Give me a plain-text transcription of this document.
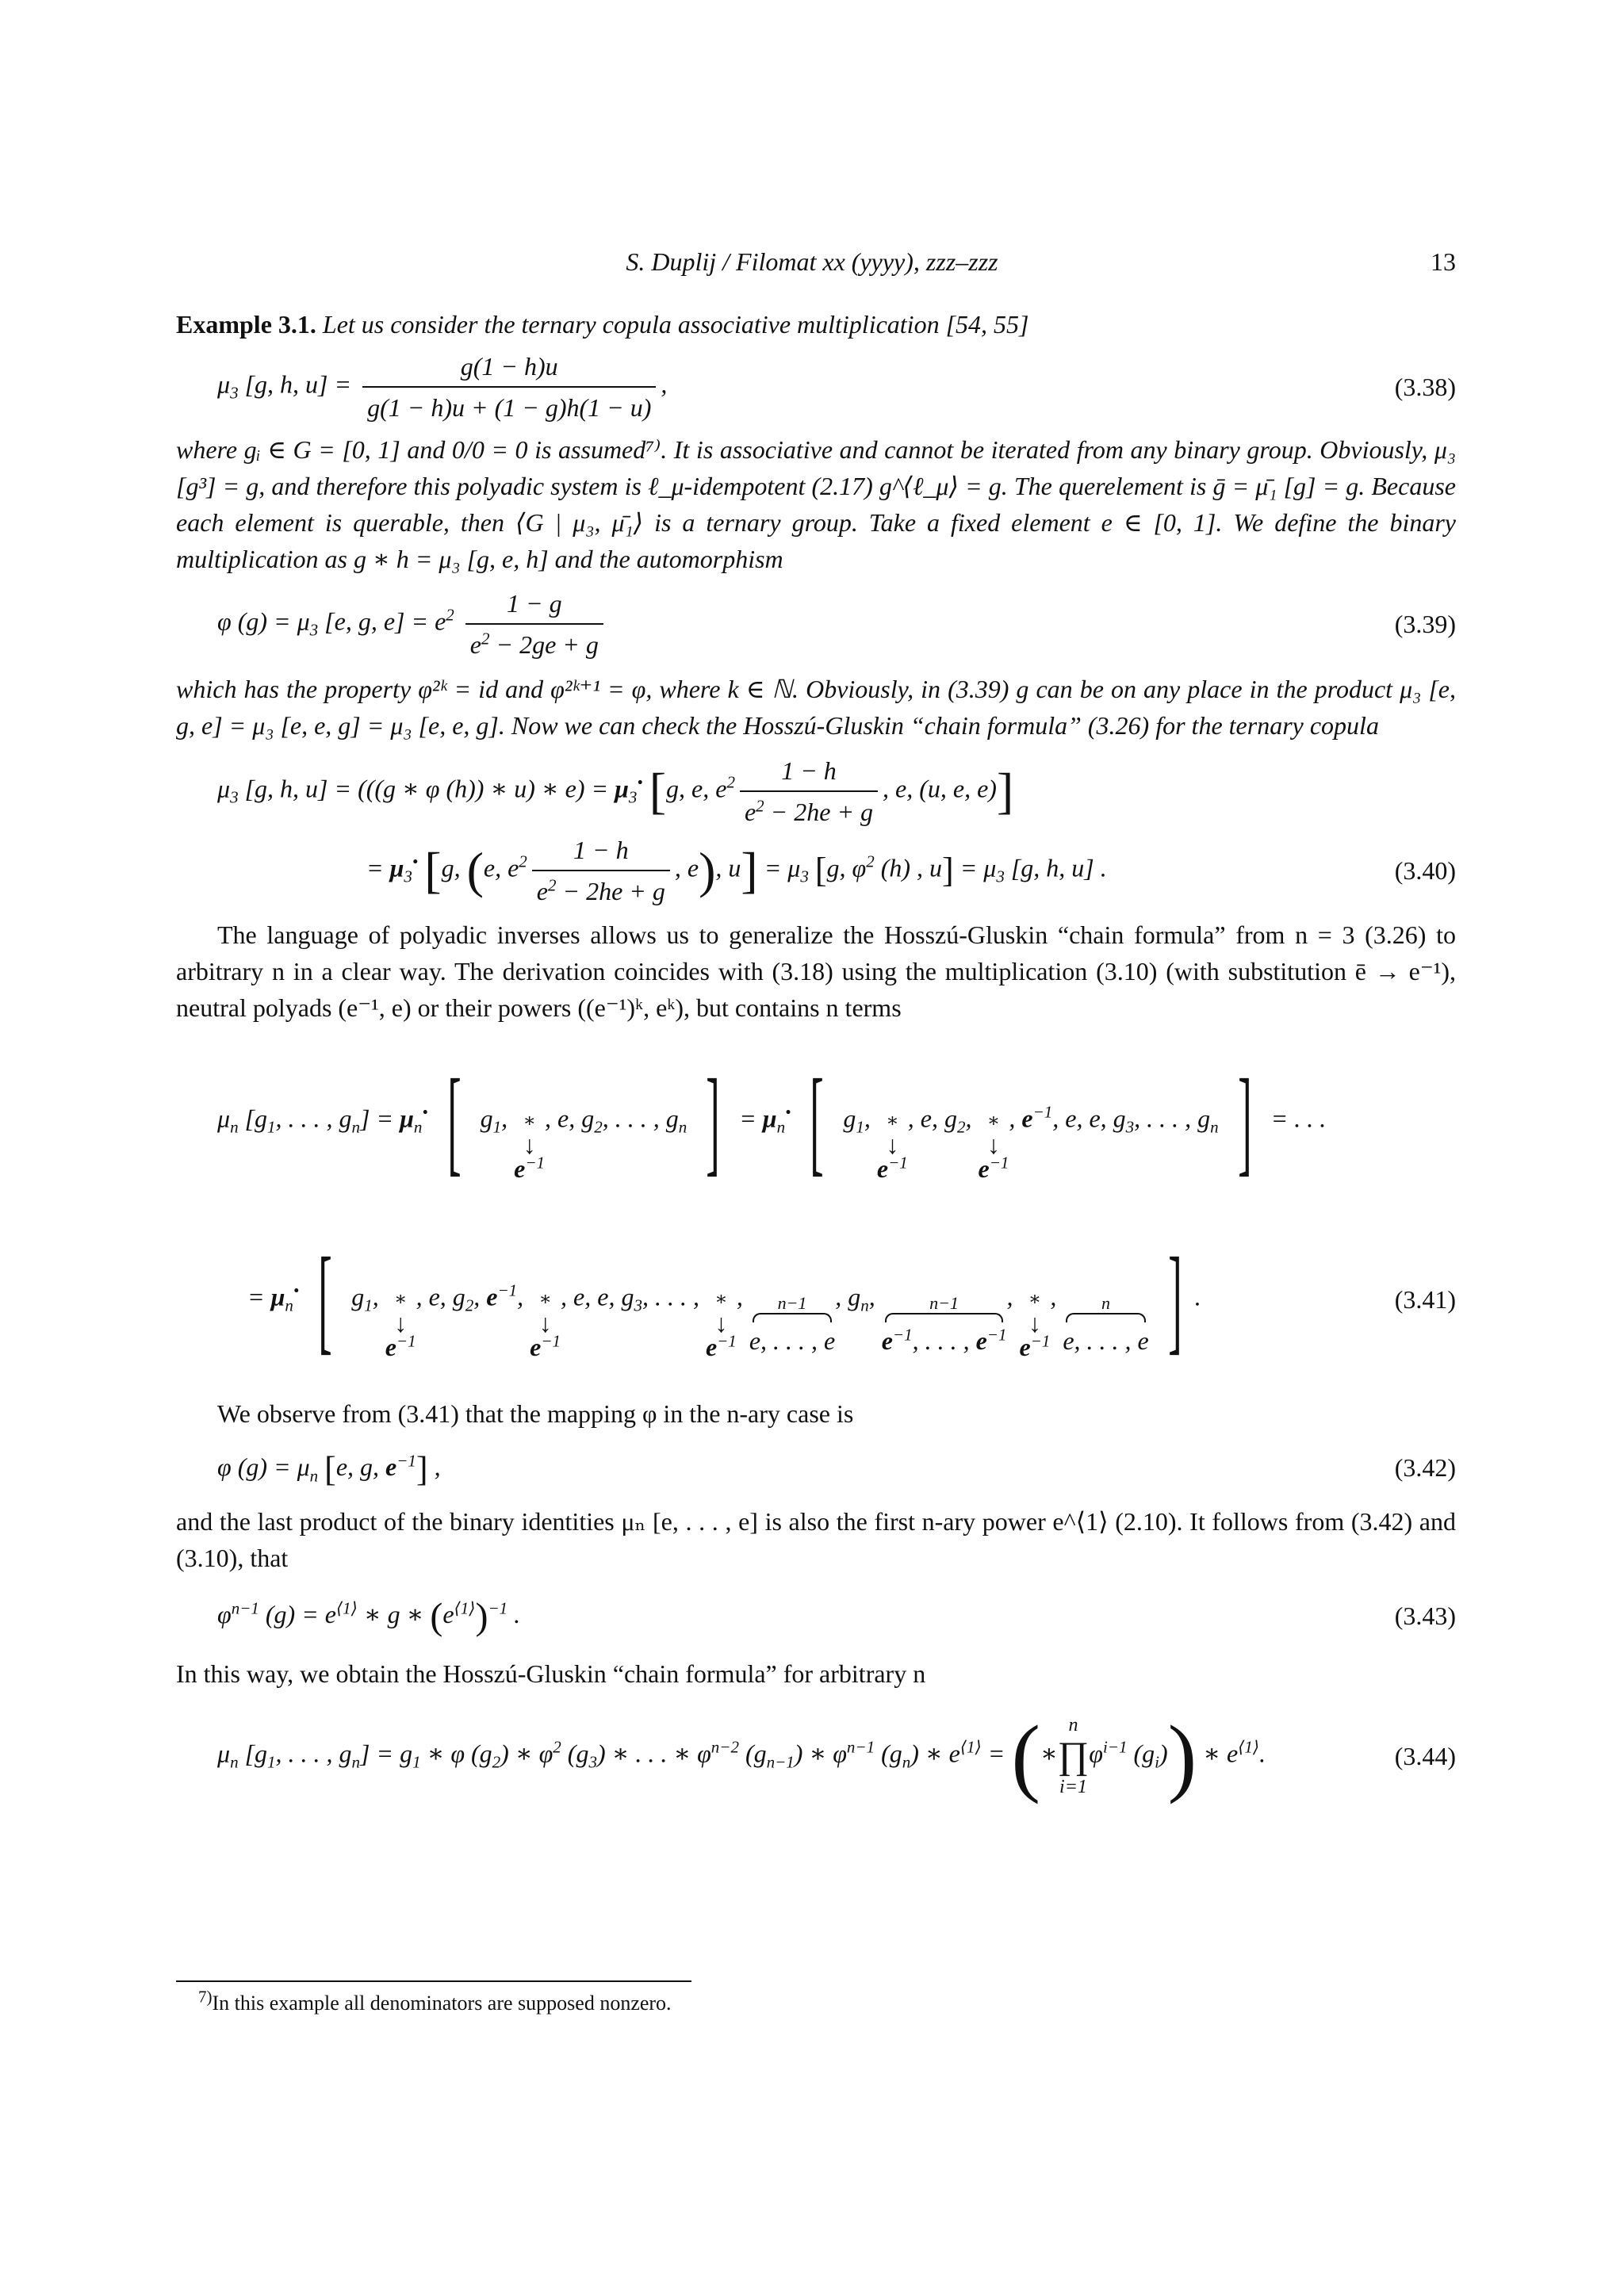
S. Duplij / Filomat xx (yyyy), zzz–zzz	13

Example 3.1. Let us consider the ternary copula associative multiplication [54, 55]

$\mu_3$ [g, h, $u] = \frac{g(1 - h)u}{g(1 - h)u + (1 - g)h(1 - u)}$ ,	(3.38)

where gᵢ ∈ G = [0, 1] and 0/0 = 0 is assumed⁷⁾. It is associative and cannot be iterated from any binary group. Obviously, μ₃ [g³] = g, and therefore this polyadic system is ℓ_μ-idempotent (2.17) g^⟨ℓ_μ⟩ = g. The querelement is ḡ = μ̄₁ [g] = g. Because each element is querable, then ⟨G | μ₃, μ̄₁⟩ is a ternary group. Take a fixed element e ∈ [0, 1]. We define the binary multiplication as g ∗ h = μ₃ [g, e, h] and the automorphism

φ $(g) = \mu_3$ [e, g, $e] = e^2 \frac{1 - g}{e^2 - 2ge + g}$	(3.39)

which has the property φ²ᵏ = id and φ²ᵏ⁺¹ = φ, where k ∈ ℕ. Obviously, in (3.39) g can be on any place in the product μ₃ [e, g, e] = μ₃ [e, e, g] = μ₃ [e, e, g]. Now we can check the Hosszú-Gluskin “chain formula” (3.26) for the ternary copula

$\mu_3$ [g, h, u] = (((g ∗ φ (h)) ∗ u) ∗ $e) = \mu_3^•$ [g, e, $e^2 \frac{1 - h}{e^2 - 2he + g}$ , e, (u, e, e)]
= $\mu_3^•$ [g, (e, $e^2 \frac{1 - h}{e^2 - 2he + g}$ , e), $u] = \mu_3$ [g, $\varphi^2$ (h) , $u] = \mu_3$ [g, h, u] .	(3.40)

The language of polyadic inverses allows us to generalize the Hosszú-Gluskin “chain formula” from n = 3 (3.26) to arbitrary n in a clear way. The derivation coincides with (3.18) using the multiplication (3.10) (with substitution ē → e⁻¹), neutral polyads (e⁻¹, e) or their powers ((e⁻¹)ᵏ, eᵏ), but contains n terms

$\mu_n$ [$g_1$, . . . , $g_n] = \mu_n^•$ [ $g_1$, ∗
↓
$e^{-1}$
, e, $g_2$, . . . , $g_n$ ] = $\mu_n^•$ [ $g_1$, ∗
↓
$e^{-1}$
, e, $g_2$, ∗
↓
$e^{-1}$
, $e^{-1}$, e, e, $g_3$, . . . , $g_n$ ] = . . .
= $\mu_n^•$ [ $g_1$, ∗
↓
$e^{-1}$
, e, $g_2$, $e^{-1}$, ∗
↓
$e^{-1}$
, e, e, $g_3$, . . . , ∗
↓
$e^{-1}$
, n−1
e, . . . , e
, $g_n$,	n−1
$e^{-1}$, . . . , $e^{-1}$
, ∗
↓
$e^{-1}$
, n
e, . . . , e ] .	(3.41)

We observe from (3.41) that the mapping φ in the n-ary case is

φ $(g) = \mu_n$ [e, g, $e^{-1}$] ,	(3.42)

and the last product of the binary identities μₙ [e, . . . , e] is also the first n-ary power e^⟨1⟩ (2.10). It follows from (3.42) and (3.10), that

$\varphi^{n-1}$ $(g) = e^{⟨1⟩}$ ∗ g ∗ $(e^{⟨1⟩})^{-1}$ .	(3.43)

In this way, we obtain the Hosszú-Gluskin “chain formula” for arbitrary n

$\mu_n$ [$g_1$, . . . , $g_n] = g_1$ ∗ φ $(g_2)$ ∗ $\varphi^2$ $(g_3)$ ∗ . . . ∗ $\varphi^{n-2}$ $(g_{n-1})$ ∗ $\varphi^{n-1}$ $(g_n)$ ∗ $e^{⟨1⟩}$ = (∗
n
∏
i=1
$\varphi^{i-1}$ $(g_i)$) ∗ $e^{⟨1⟩}$.	(3.44)
$^{7)}$In this example all denominators are supposed nonzero.
